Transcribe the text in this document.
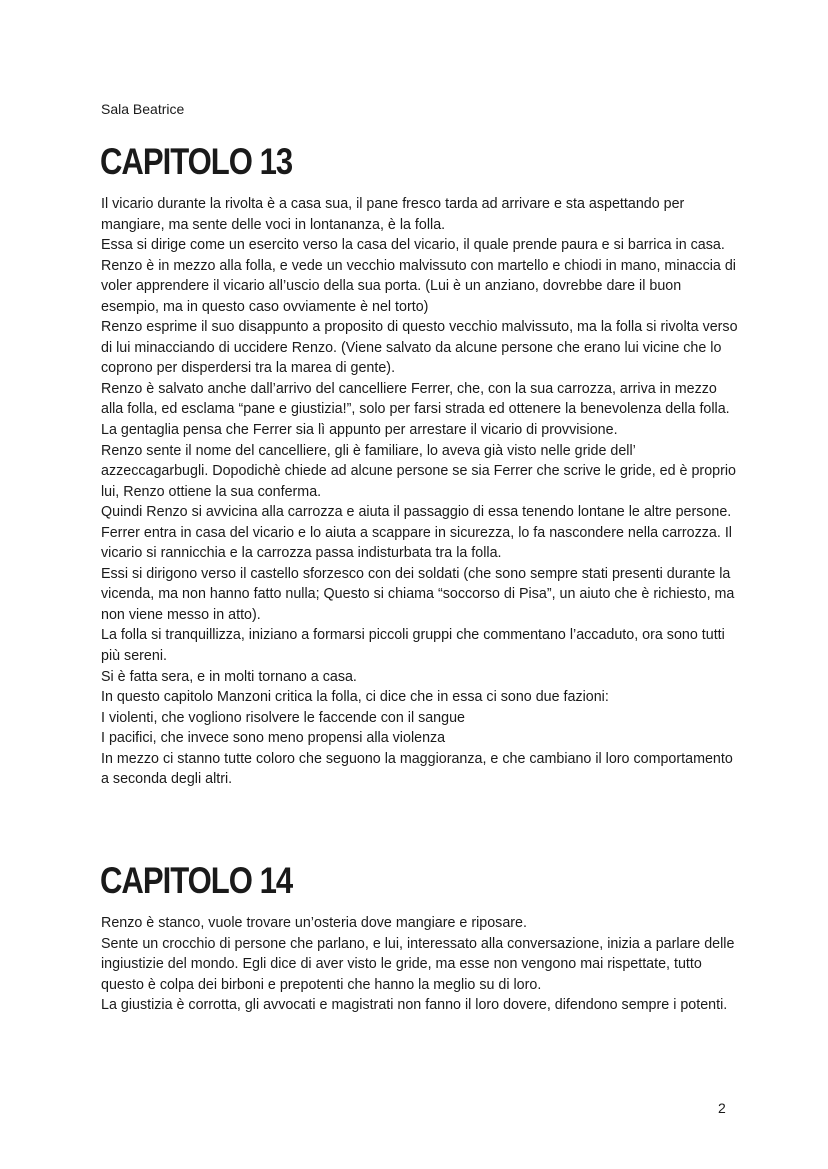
Sala Beatrice
CAPITOLO 13

Il vicario durante la rivolta è a casa sua, il pane fresco tarda ad arrivare e sta aspettando per mangiare, ma sente delle voci in lontananza, è la folla.

Essa si dirige come un esercito verso la casa del vicario, il quale prende paura e si barrica in casa.

Renzo è in mezzo alla folla, e vede un vecchio malvissuto con martello e chiodi in mano, minaccia di voler apprendere il vicario all’uscio della sua porta. (Lui è un anziano, dovrebbe dare il buon esempio, ma in questo caso ovviamente è nel torto)

Renzo esprime il suo disappunto a proposito di questo vecchio malvissuto, ma la folla si rivolta verso di lui minacciando di uccidere Renzo. (Viene salvato da alcune persone che erano lui vicine che lo coprono per disperdersi tra la marea di gente).

Renzo è salvato anche dall’arrivo del cancelliere Ferrer, che, con la sua carrozza, arriva in mezzo alla folla, ed esclama “pane e giustizia!”, solo per farsi strada ed ottenere la benevolenza della folla.

La gentaglia pensa che Ferrer sia lì appunto per arrestare il vicario di provvisione.

Renzo sente il nome del cancelliere, gli è familiare, lo aveva già visto nelle gride dell’ azzeccagarbugli. Dopodichè chiede ad alcune persone se sia Ferrer che scrive le gride, ed è proprio lui, Renzo ottiene la sua conferma.

Quindi Renzo si avvicina alla carrozza e aiuta il passaggio di essa tenendo lontane le altre persone.

Ferrer entra in casa del vicario e lo aiuta a scappare in sicurezza, lo fa nascondere nella carrozza. Il vicario si rannicchia e la carrozza passa indisturbata tra la folla.

Essi si dirigono verso il castello sforzesco con dei soldati (che sono sempre stati presenti durante la vicenda, ma non hanno fatto nulla; Questo si chiama “soccorso di Pisa”, un aiuto che è richiesto, ma non viene messo in atto).

La folla si tranquillizza, iniziano a formarsi piccoli gruppi che commentano l’accaduto, ora sono tutti più sereni.

Si è fatta sera, e in molti tornano a casa.

In questo capitolo Manzoni critica la folla, ci dice che in essa ci sono due fazioni:

I violenti, che vogliono risolvere le faccende con il sangue

I pacifici, che invece sono meno propensi alla violenza

In mezzo ci stanno tutte coloro che seguono la maggioranza, e che cambiano il loro comportamento a seconda degli altri.

CAPITOLO 14

Renzo è stanco, vuole trovare un’osteria dove mangiare e riposare.

Sente un crocchio di persone che parlano, e lui, interessato alla conversazione, inizia a parlare delle ingiustizie del mondo. Egli dice di aver visto le gride, ma esse non vengono mai rispettate, tutto questo è colpa dei birboni e prepotenti che hanno la meglio su di loro.

La giustizia è corrotta, gli avvocati e magistrati non fanno il loro dovere, difendono sempre i potenti.

2
